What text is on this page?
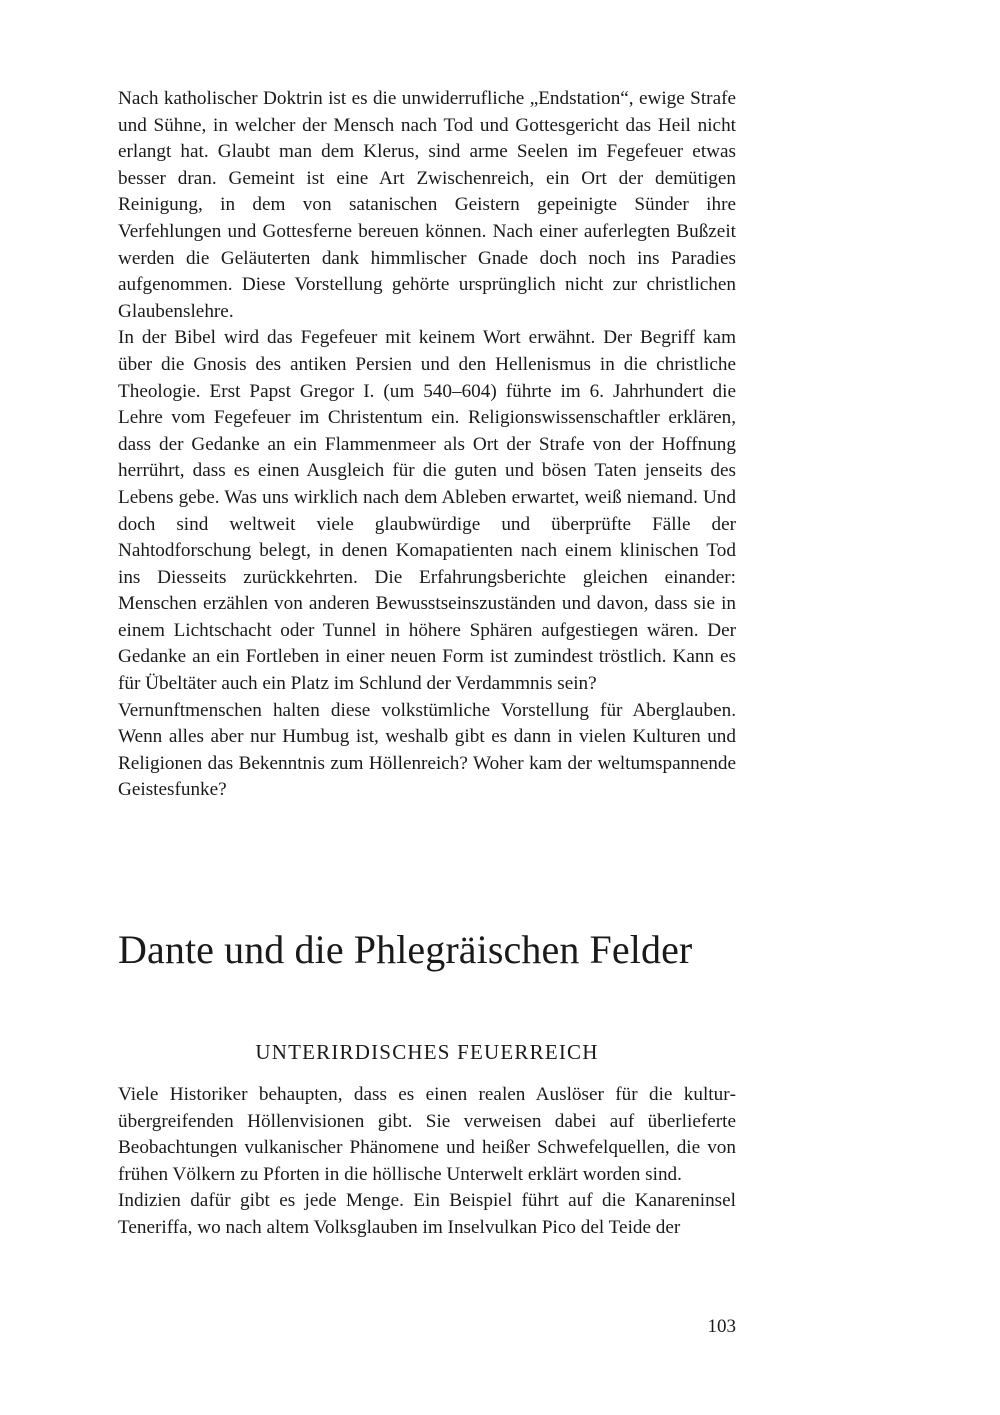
Nach katholischer Doktrin ist es die unwiderrufliche „Endstation“, ewige Strafe und Sühne, in welcher der Mensch nach Tod und Gottesgericht das Heil nicht erlangt hat. Glaubt man dem Klerus, sind arme Seelen im Fegefeuer etwas besser dran. Gemeint ist eine Art Zwischenreich, ein Ort der demütigen Reinigung, in dem von satanischen Geistern gepeinigte Sünder ihre Verfehlungen und Gottesferne bereuen können. Nach einer auferlegten Bußzeit werden die Geläuterten dank himmlischer Gnade doch noch ins Paradies aufgenommen. Diese Vorstellung gehörte ursprünglich nicht zur christlichen Glaubenslehre.

In der Bibel wird das Fegefeuer mit keinem Wort erwähnt. Der Begriff kam über die Gnosis des antiken Persien und den Hellenismus in die christliche Theologie. Erst Papst Gregor I. (um 540–604) führte im 6. Jahrhundert die Lehre vom Fegefeuer im Christentum ein. Religionswissenschaftler erklären, dass der Gedanke an ein Flammenmeer als Ort der Strafe von der Hoffnung herrührt, dass es einen Ausgleich für die guten und bösen Taten jenseits des Lebens gebe. Was uns wirklich nach dem Ableben erwartet, weiß niemand. Und doch sind weltweit viele glaubwürdige und überprüfte Fälle der Nahtodforschung belegt, in denen Komapatienten nach einem klinischen Tod ins Diesseits zurückkehrten. Die Erfahrungsberichte gleichen einander: Menschen erzählen von anderen Bewusstseinszuständen und davon, dass sie in einem Lichtschacht oder Tunnel in höhere Sphären aufgestiegen wären. Der Gedanke an ein Fortleben in einer neuen Form ist zumindest tröstlich. Kann es für Übeltäter auch ein Platz im Schlund der Verdammnis sein?

Vernunftmenschen halten diese volkstümliche Vorstellung für Aberglauben. Wenn alles aber nur Humbug ist, weshalb gibt es dann in vielen Kulturen und Religionen das Bekenntnis zum Höllenreich? Woher kam der weltumspannende Geistesfunke?

Dante und die Phlegräischen Felder
UNTERIRDISCHES FEUERREICH

Viele Historiker behaupten, dass es einen realen Auslöser für die kulturübergreifenden Höllenvisionen gibt. Sie verweisen dabei auf überlieferte Beobachtungen vulkanischer Phänomene und heißer Schwefelquellen, die von frühen Völkern zu Pforten in die höllische Unterwelt erklärt worden sind.

Indizien dafür gibt es jede Menge. Ein Beispiel führt auf die Kanareninsel Teneriffa, wo nach altem Volksglauben im Inselvulkan Pico del Teide der

103
